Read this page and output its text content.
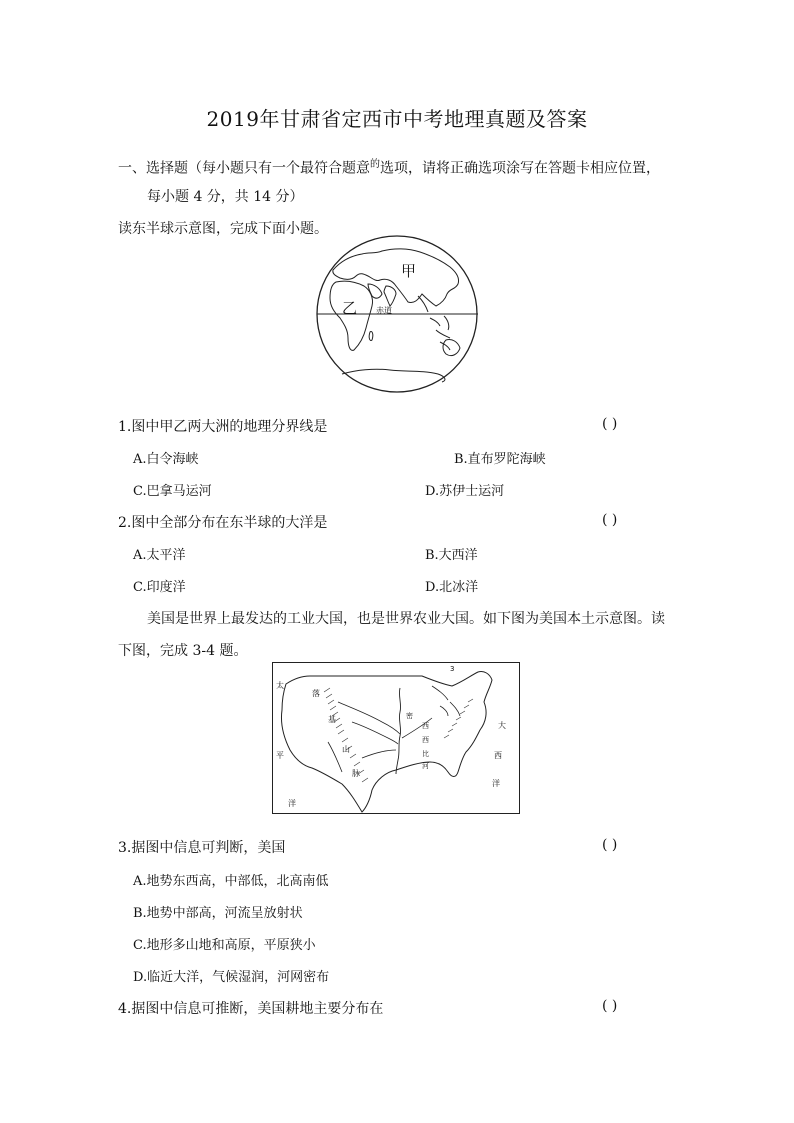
2019年甘肃省定西市中考地理真题及答案
一、选择题（每小题只有一个最符合题意$^的$选项，请将正确选项涂写在答题卡相应位置，
每小题 4 分，共 14 分）
读东半球示意图，完成下面小题。
甲
乙 赤道
1.图中甲乙两大洲的地理分界线是	( )
A.白令海峡	B.直布罗陀海峡
C.巴拿马运河	D.苏伊士运河
2.图中全部分布在东半球的大洋是	( )
A.太平洋	B.大西洋
C.印度洋	D.北冰洋
美国是世界上最发达的工业大国，也是世界农业大国。如下图为美国本土示意图。读
下图，完成 3-4 题。
太
平
洋
大
西
洋
落
基
山
脉
密
西
西
比
河
3
3.据图中信息可判断，美国	( )
A.地势东西高，中部低，北高南低
B.地势中部高，河流呈放射状
C.地形多山地和高原，平原狭小
D.临近大洋，气候湿润，河网密布
4.据图中信息可推断，美国耕地主要分布在	( )
